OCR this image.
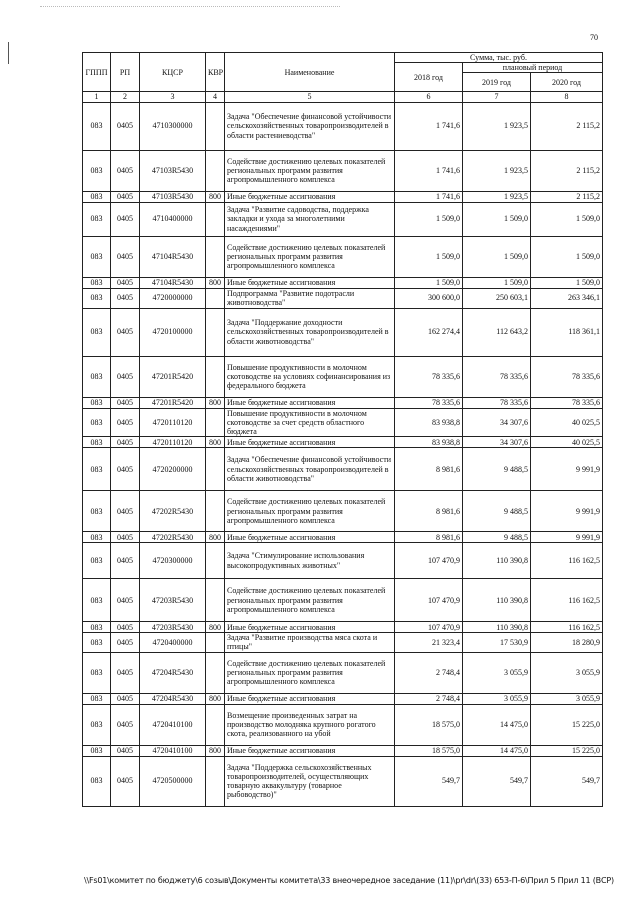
70
ГППП	РП	КЦСР	КВР	Наименование	Сумма, тыс. руб.		
					2018 год	плановый период	
						2019 год	2020 год
1	2	3	4	5	6	7	8
083	0405	4710300000		Задача "Обеспечение финансовой устойчивости сельскохозяйственных товаропроизводителей в области растениеводства"	1 741,6	1 923,5	2 115,2
083	0405	47103R5430		Содействие достижению целевых показателей региональных программ развития агропромышленного комплекса	1 741,6	1 923,5	2 115,2
083	0405	47103R5430	800	Иные бюджетные ассигнования	1 741,6	1 923,5	2 115,2
083	0405	4710400000		Задача "Развитие садоводства, поддержка закладки и ухода за многолетними насаждениями"	1 509,0	1 509,0	1 509,0
083	0405	47104R5430		Содействие достижению целевых показателей региональных программ развития агропромышленного комплекса	1 509,0	1 509,0	1 509,0
083	0405	47104R5430	800	Иные бюджетные ассигнования	1 509,0	1 509,0	1 509,0
083	0405	4720000000		Подпрограмма "Развитие подотрасли животноводства"	300 600,0	250 603,1	263 346,1
083	0405	4720100000		Задача "Поддержание доходности сельскохозяйственных товаропроизводителей в области животноводства"	162 274,4	112 643,2	118 361,1
083	0405	47201R5420		Повышение продуктивности в молочном скотоводстве на условиях софинансирования из федерального бюджета	78 335,6	78 335,6	78 335,6
083	0405	47201R5420	800	Иные бюджетные ассигнования	78 335,6	78 335,6	78 335,6
083	0405	4720110120		Повышение продуктивности в молочном скотоводстве за счет средств областного бюджета	83 938,8	34 307,6	40 025,5
083	0405	4720110120	800	Иные бюджетные ассигнования	83 938,8	34 307,6	40 025,5
083	0405	4720200000		Задача "Обеспечение финансовой устойчивости сельскохозяйственных товаропроизводителей в области животноводства"	8 981,6	9 488,5	9 991,9
083	0405	47202R5430		Содействие достижению целевых показателей региональных программ развития агропромышленного комплекса	8 981,6	9 488,5	9 991,9
083	0405	47202R5430	800	Иные бюджетные ассигнования	8 981,6	9 488,5	9 991,9
083	0405	4720300000		Задача "Стимулирование использования высокопродуктивных животных"	107 470,9	110 390,8	116 162,5
083	0405	47203R5430		Содействие достижению целевых показателей региональных программ развития агропромышленного комплекса	107 470,9	110 390,8	116 162,5
083	0405	47203R5430	800	Иные бюджетные ассигнования	107 470,9	110 390,8	116 162,5
083	0405	4720400000		Задача "Развитие производства мяса скота и птицы"	21 323,4	17 530,9	18 280,9
083	0405	47204R5430		Содействие достижению целевых показателей региональных программ развития агропромышленного комплекса	2 748,4	3 055,9	3 055,9
083	0405	47204R5430	800	Иные бюджетные ассигнования	2 748,4	3 055,9	3 055,9
083	0405	4720410100		Возмещение произведенных затрат на производство молодняка крупного рогатого скота, реализованного на убой	18 575,0	14 475,0	15 225,0
083	0405	4720410100	800	Иные бюджетные ассигнования	18 575,0	14 475,0	15 225,0
083	0405	4720500000		Задача "Поддержка сельскохозяйственных товаропроизводителей, осуществляющих товарную аквакультуру (товарное рыбоводство)"	549,7	549,7	549,7
\\Fs01\комитет по бюджету\6 созыв\Документы комитета\33 внеочередное заседание (11)\pr\dr\(33) 653-П-6\Прил 5 Прил 11 (ВСР)
